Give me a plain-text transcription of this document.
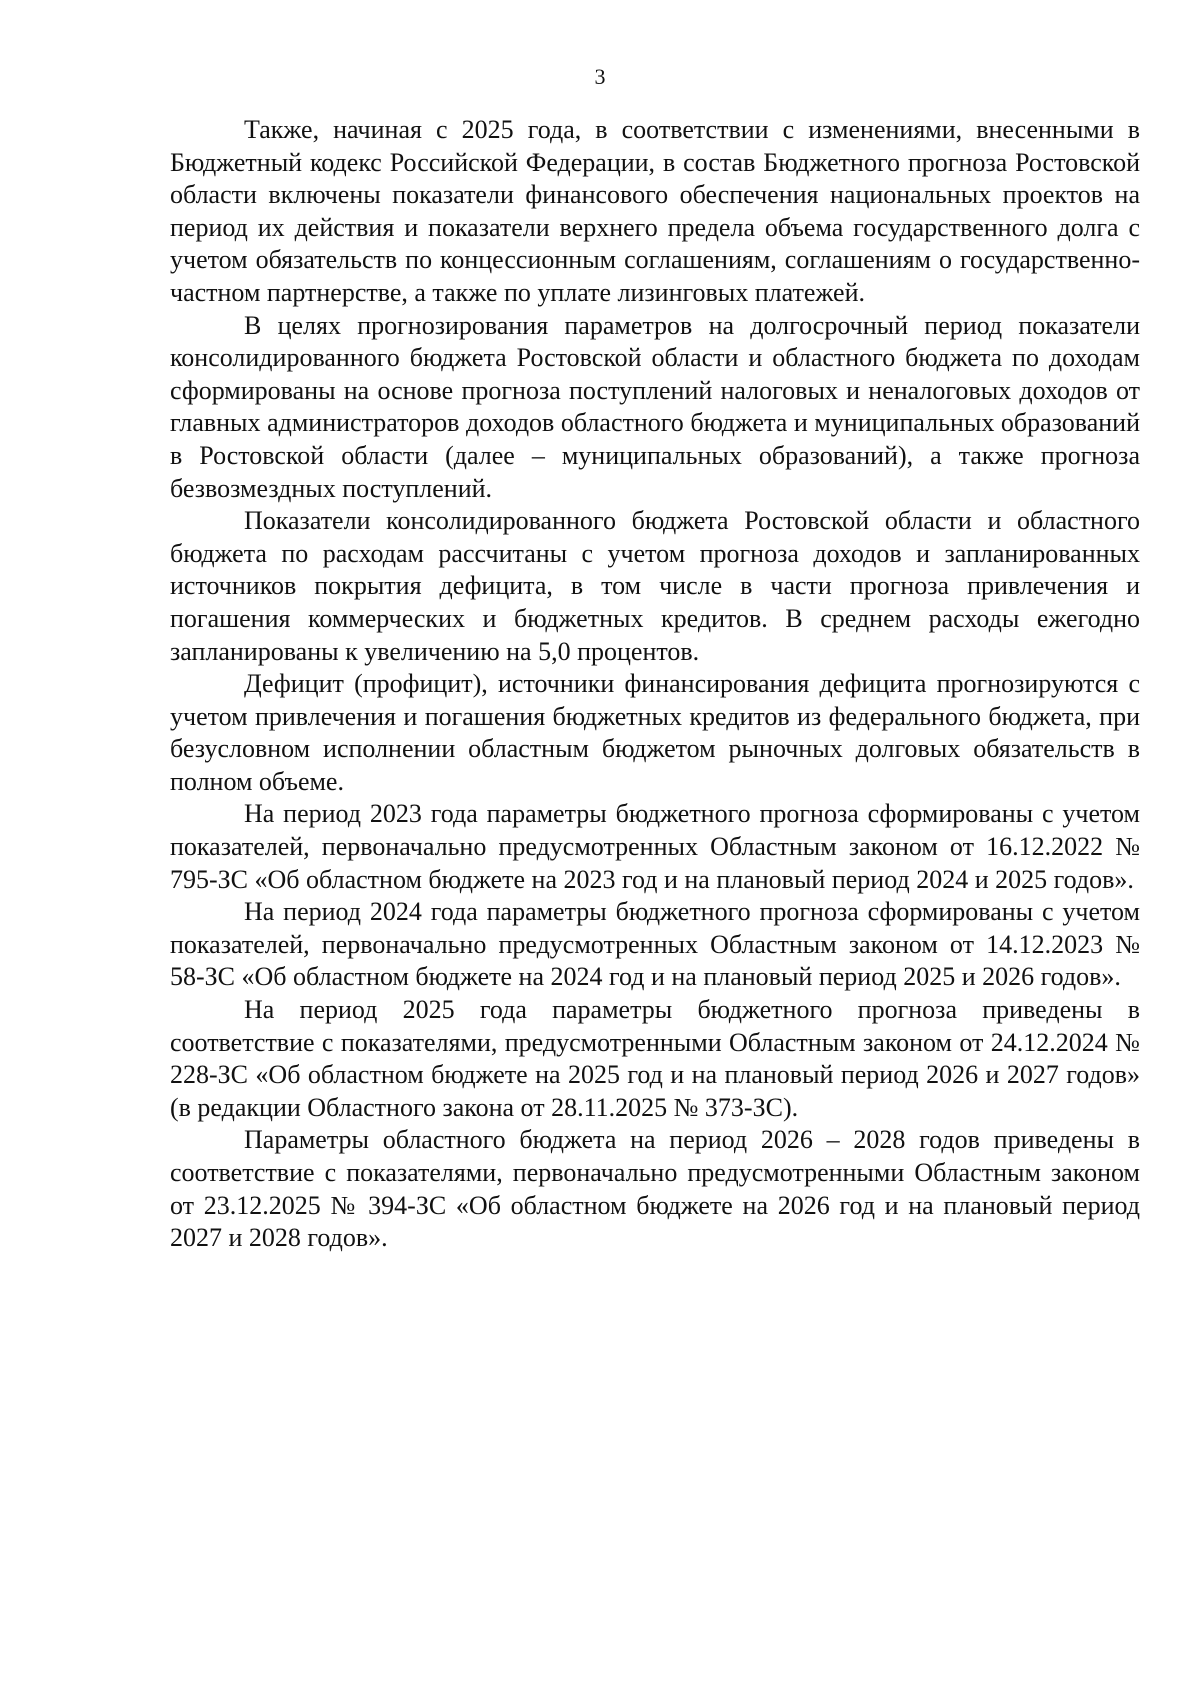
3

Также, начиная с 2025 года, в соответствии с изменениями, внесенными в Бюджетный кодекс Российской Федерации, в состав Бюджетного прогноза Ростовской области включены показатели финансового обеспечения национальных проектов на период их действия и показатели верхнего предела объема государственного долга с учетом обязательств по концессионным соглашениям, соглашениям о государственно-частном партнерстве, а также по уплате лизинговых платежей.

В целях прогнозирования параметров на долгосрочный период показатели консолидированного бюджета Ростовской области и областного бюджета по доходам сформированы на основе прогноза поступлений налоговых и неналоговых доходов от главных администраторов доходов областного бюджета и муниципальных образований в Ростовской области (далее – муниципальных образований), а также прогноза безвозмездных поступлений.

Показатели консолидированного бюджета Ростовской области и областного бюджета по расходам рассчитаны с учетом прогноза доходов и запланированных источников покрытия дефицита, в том числе в части прогноза привлечения и погашения коммерческих и бюджетных кредитов. В среднем расходы ежегодно запланированы к увеличению на 5,0 процентов.

Дефицит (профицит), источники финансирования дефицита прогнозируются с учетом привлечения и погашения бюджетных кредитов из федерального бюджета, при безусловном исполнении областным бюджетом рыночных долговых обязательств в полном объеме.

На период 2023 года параметры бюджетного прогноза сформированы с учетом показателей, первоначально предусмотренных Областным законом от 16.12.2022 № 795-ЗС «Об областном бюджете на 2023 год и на плановый период 2024 и 2025 годов».

На период 2024 года параметры бюджетного прогноза сформированы с учетом показателей, первоначально предусмотренных Областным законом от 14.12.2023 № 58-ЗС «Об областном бюджете на 2024 год и на плановый период 2025 и 2026 годов».

На период 2025 года параметры бюджетного прогноза приведены в соответствие с показателями, предусмотренными Областным законом от 24.12.2024 № 228-ЗС «Об областном бюджете на 2025 год и на плановый период 2026 и 2027 годов» (в редакции Областного закона от 28.11.2025 № 373-ЗС).

Параметры областного бюджета на период 2026 – 2028 годов приведены в соответствие с показателями, первоначально предусмотренными Областным законом от 23.12.2025 № 394-ЗС «Об областном бюджете на 2026 год и на плановый период 2027 и 2028 годов».
